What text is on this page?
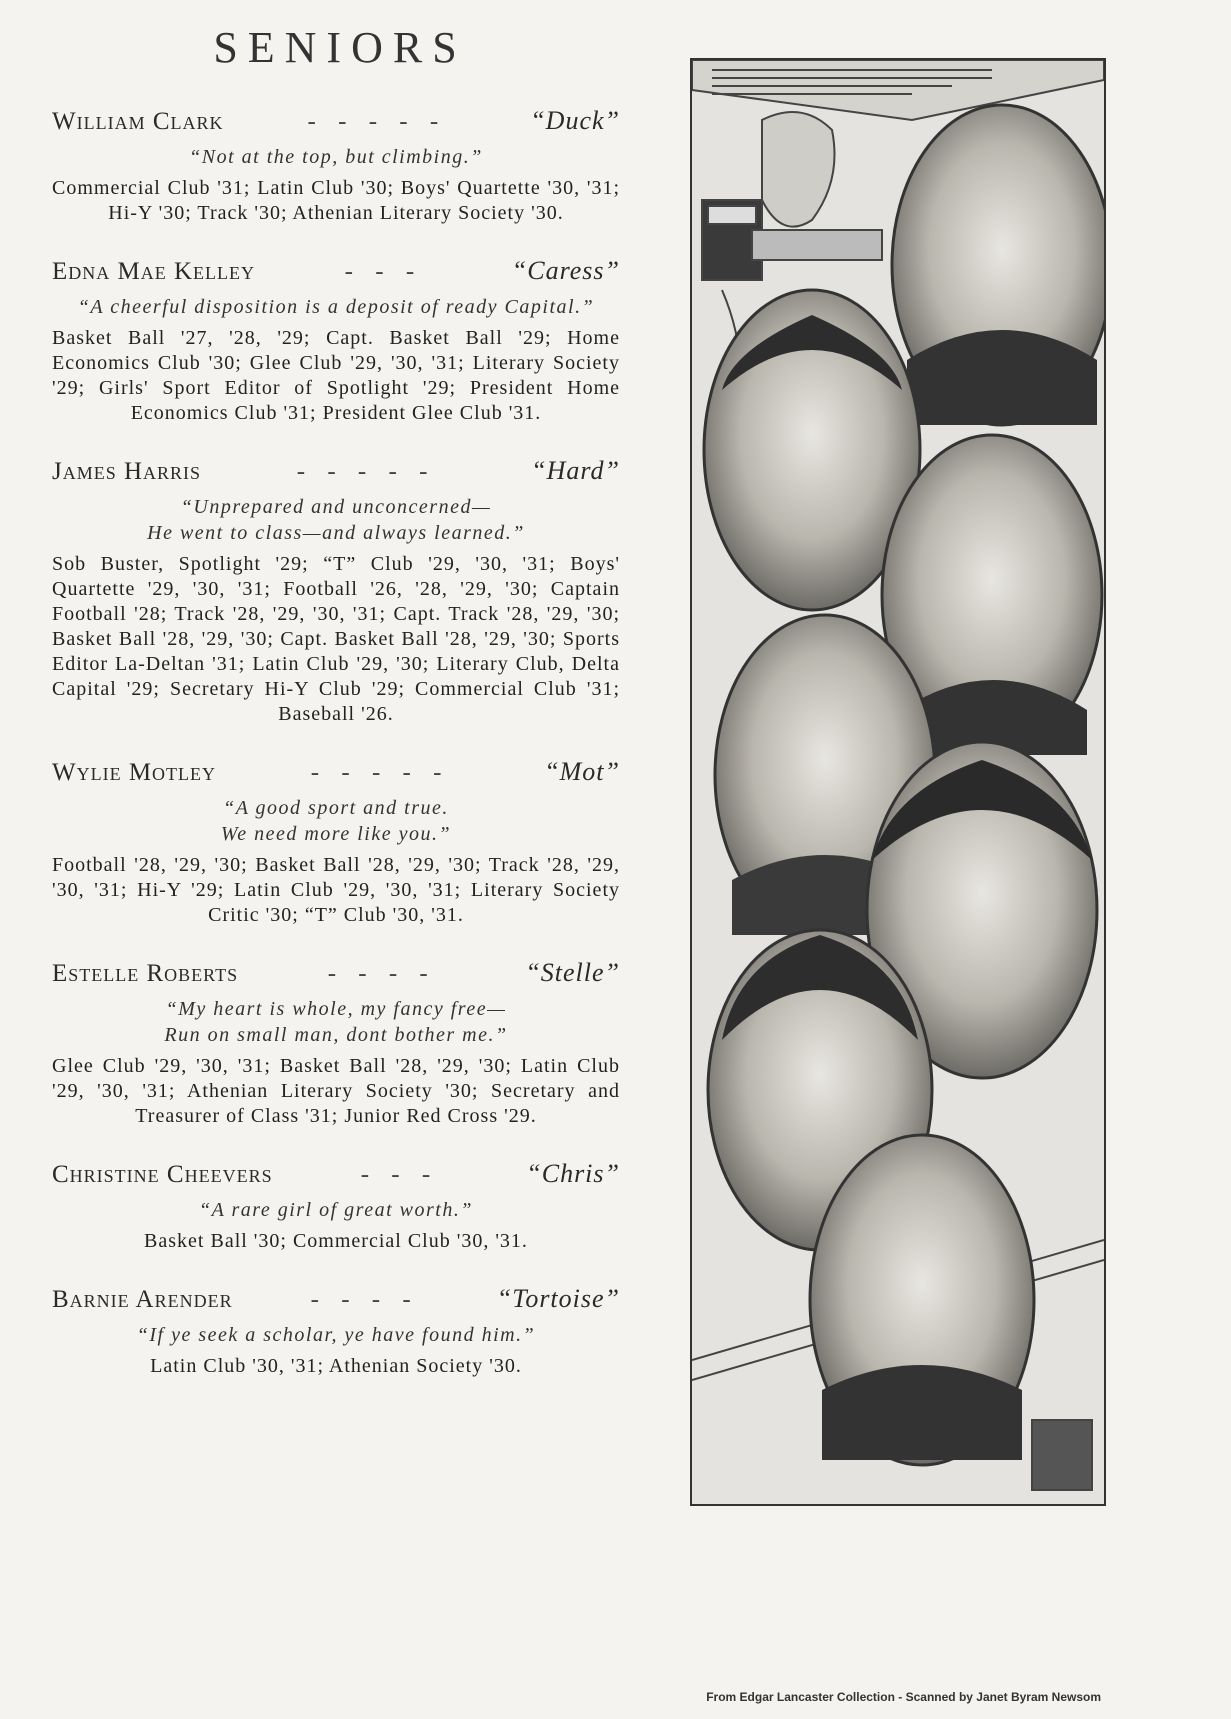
SENIORS
William Clark	- - - - -	“Duck”
“Not at the top, but climbing.”
Commercial Club '31; Latin Club '30; Boys' Quartette '30, '31; Hi-Y '30; Track '30; Athenian Literary Society '30.
Edna Mae Kelley	- - -	“Caress”
“A cheerful disposition is a deposit of ready Capital.”
Basket Ball '27, '28, '29; Capt. Basket Ball '29; Home Economics Club '30; Glee Club '29, '30, '31; Literary Society '29; Girls' Sport Editor of Spotlight '29; President Home Economics Club '31; President Glee Club '31.
James Harris	- - - - -	“Hard”
“Unprepared and unconcerned—
He went to class—and always learned.”
Sob Buster, Spotlight '29; “T” Club '29, '30, '31; Boys' Quartette '29, '30, '31; Football '26, '28, '29, '30; Captain Football '28; Track '28, '29, '30, '31; Capt. Track '28, '29, '30; Basket Ball '28, '29, '30; Capt. Basket Ball '28, '29, '30; Sports Editor La-Deltan '31; Latin Club '29, '30; Literary Club, Delta Capital '29; Secretary Hi-Y Club '29; Commercial Club '31; Baseball '26.
Wylie Motley	- - - - -	“Mot”
“A good sport and true.
We need more like you.”
Football '28, '29, '30; Basket Ball '28, '29, '30; Track '28, '29, '30, '31; Hi-Y '29; Latin Club '29, '30, '31; Literary Society Critic '30; “T” Club '30, '31.
Estelle Roberts	- - - -	“Stelle”
“My heart is whole, my fancy free—
Run on small man, dont bother me.”
Glee Club '29, '30, '31; Basket Ball '28, '29, '30; Latin Club '29, '30, '31; Athenian Literary Society '30; Secretary and Treasurer of Class '31; Junior Red Cross '29.
Christine Cheevers	- - -	“Chris”
“A rare girl of great worth.”
Basket Ball '30; Commercial Club '30, '31.
Barnie Arender	- - - -	“Tortoise”
“If ye seek a scholar, ye have found him.”
Latin Club '30, '31; Athenian Society '30.
From Edgar Lancaster Collection - Scanned by Janet Byram Newsom
